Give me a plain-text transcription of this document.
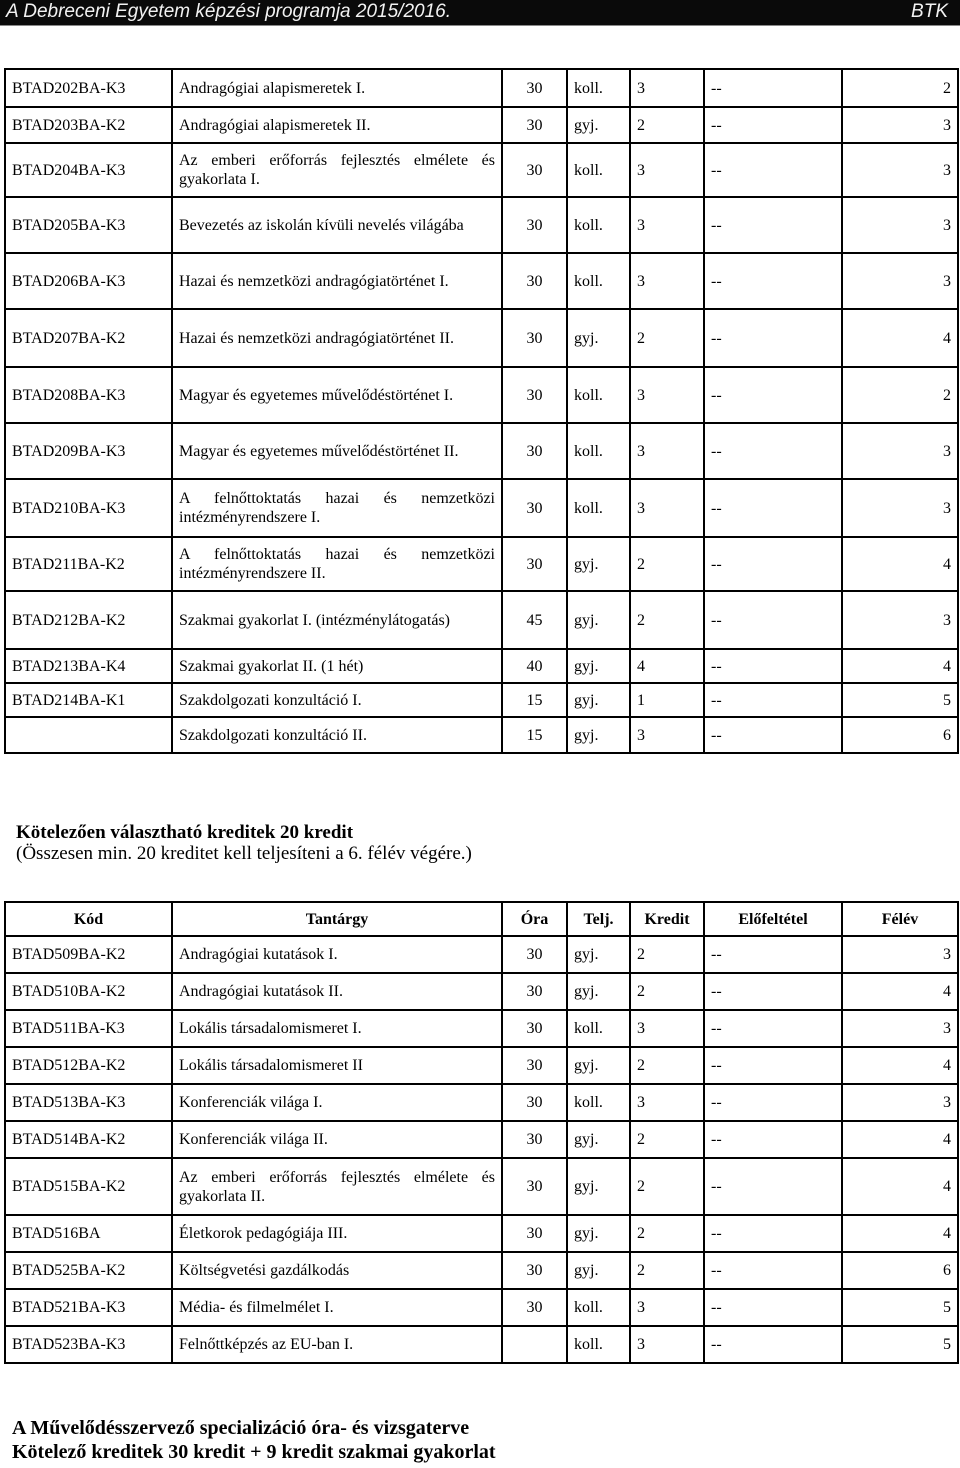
A Debreceni Egyetem képzési programja 2015/2016.	BTK
BTAD202BA-K3	Andragógiai alapismeretek I.	30	koll.	3	--	2
BTAD203BA-K2	Andragógiai alapismeretek II.	30	gyj.	2	--	3
BTAD204BA-K3	Az emberi erőforrás fejlesztés elmélete és gyakorlata I.	30	koll.	3	--	3
BTAD205BA-K3	Bevezetés az iskolán kívüli nevelés világába	30	koll.	3	--	3
BTAD206BA-K3	Hazai és nemzetközi andragógiatörténet I.	30	koll.	3	--	3
BTAD207BA-K2	Hazai és nemzetközi andragógiatörténet II.	30	gyj.	2	--	4
BTAD208BA-K3	Magyar és egyetemes művelődéstörténet I.	30	koll.	3	--	2
BTAD209BA-K3	Magyar és egyetemes művelődéstörténet II.	30	koll.	3	--	3
BTAD210BA-K3	A felnőttoktatás hazai és nemzetközi intézményrendszere I.	30	koll.	3	--	3
BTAD211BA-K2	A felnőttoktatás hazai és nemzetközi intézményrendszere II.	30	gyj.	2	--	4
BTAD212BA-K2	Szakmai gyakorlat I. (intézménylátogatás)	45	gyj.	2	--	3
BTAD213BA-K4	Szakmai gyakorlat II. (1 hét)	40	gyj.	4	--	4
BTAD214BA-K1	Szakdolgozati konzultáció I.	15	gyj.	1	--	5
	Szakdolgozati konzultáció II.	15	gyj.	3	--	6
Kötelezően választható kreditek 20 kredit
(Összesen min. 20 kreditet kell teljesíteni a 6. félév végére.)
Kód	Tantárgy	Óra	Telj.	Kredit	Előfeltétel	Félév
BTAD509BA-K2	Andragógiai kutatások I.	30	gyj.	2	--	3
BTAD510BA-K2	Andragógiai kutatások II.	30	gyj.	2	--	4
BTAD511BA-K3	Lokális társadalomismeret I.	30	koll.	3	--	3
BTAD512BA-K2	Lokális társadalomismeret II	30	gyj.	2	--	4
BTAD513BA-K3	Konferenciák világa I.	30	koll.	3	--	3
BTAD514BA-K2	Konferenciák világa II.	30	gyj.	2	--	4
BTAD515BA-K2	Az emberi erőforrás fejlesztés elmélete és gyakorlata II.	30	gyj.	2	--	4
BTAD516BA	Életkorok pedagógiája III.	30	gyj.	2	--	4
BTAD525BA-K2	Költségvetési gazdálkodás	30	gyj.	2	--	6
BTAD521BA-K3	Média- és filmelmélet I.	30	koll.	3	--	5
BTAD523BA-K3	Felnőttképzés az EU-ban I.		koll.	3	--	5
A Művelődésszervező specializáció óra- és vizsgaterve
Kötelező kreditek 30 kredit + 9 kredit szakmai gyakorlat
